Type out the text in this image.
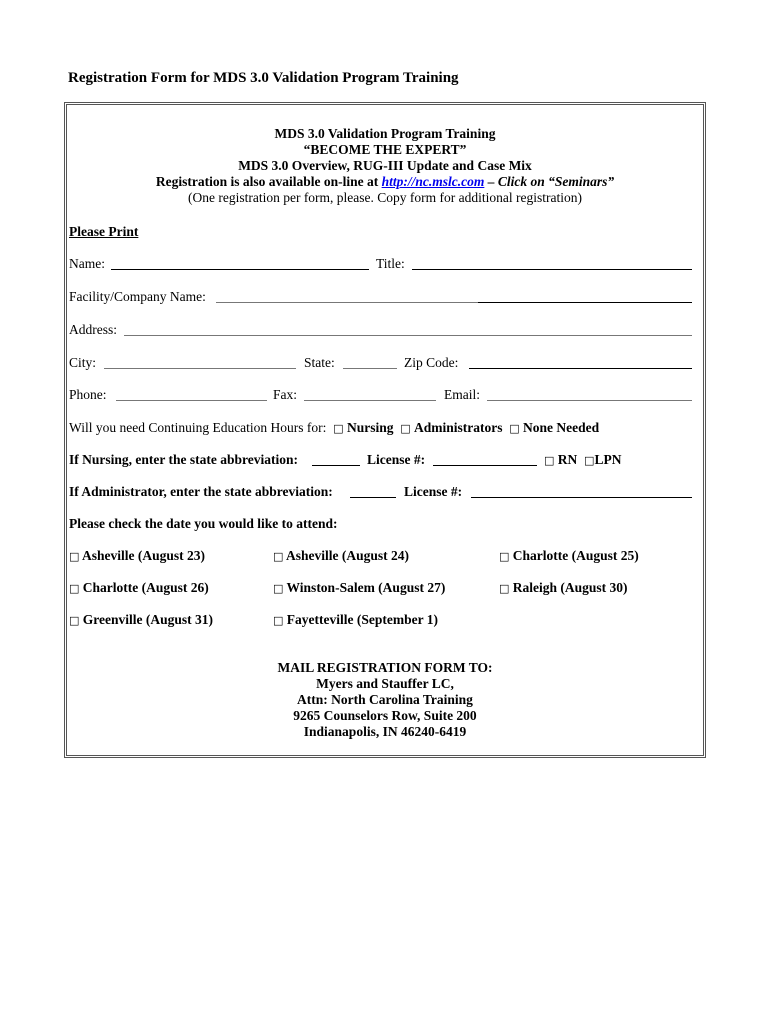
Registration Form for MDS 3.0 Validation Program Training
MDS 3.0 Validation Program Training
“BECOME THE EXPERT”
MDS 3.0 Overview, RUG-III Update and Case Mix
Registration is also available on-line at http://nc.mslc.com – Click on “Seminars”
(One registration per form, please. Copy form for additional registration)
Please Print
Name:	Title:
Facility/Company Name:
Address:
City:	State:	Zip Code:
Phone:	Fax:	Email:
Will you need Continuing Education Hours for: □ Nursing □ Administrators □ None Needed
If Nursing, enter the state abbreviation:	License #:	□ RN □LPN
If Administrator, enter the state abbreviation:	License #:
Please check the date you would like to attend:
□ Asheville (August 23)	□ Asheville (August 24)	□ Charlotte (August 25)
□ Charlotte (August 26)	□ Winston-Salem (August 27)	□ Raleigh (August 30)
□ Greenville (August 31)	□ Fayetteville (September 1)
MAIL REGISTRATION FORM TO:
Myers and Stauffer LC,
Attn: North Carolina Training
9265 Counselors Row, Suite 200
Indianapolis, IN 46240-6419
